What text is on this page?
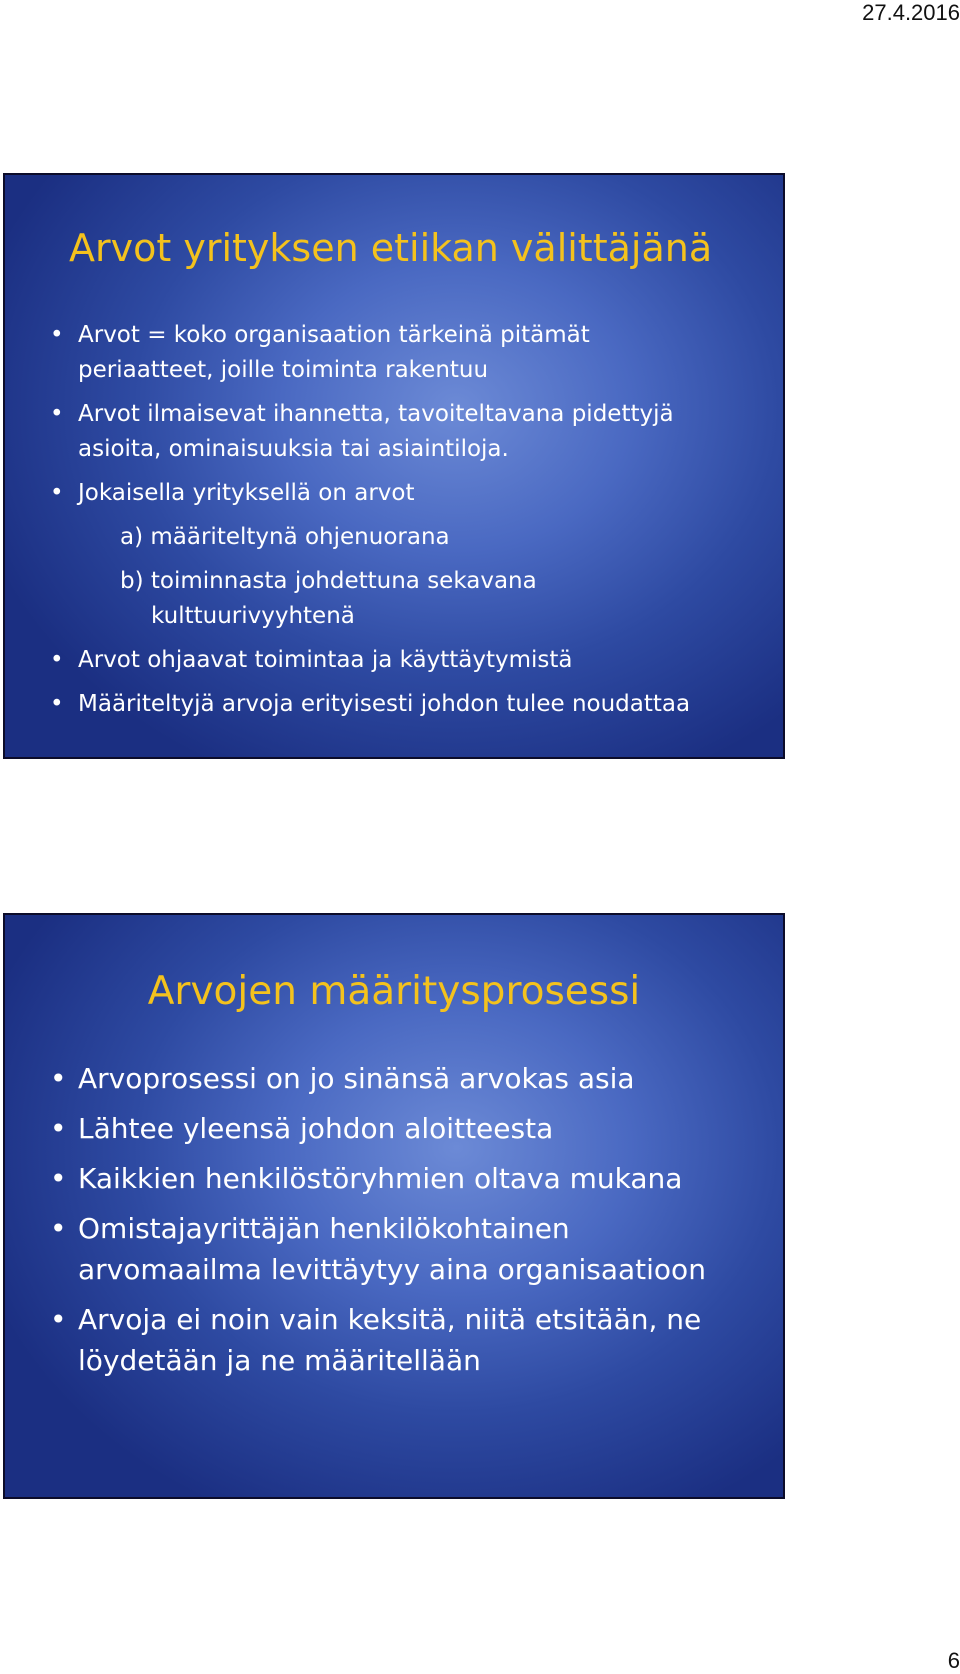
27.4.2016
Arvot yrityksen etiikan välittäjänä
• Arvot = koko organisaation tärkeinä pitämät
periaatteet, joille toiminta rakentuu
• Arvot ilmaisevat ihannetta, tavoiteltavana pidettyjä
asioita, ominaisuuksia tai asiaintiloja.
• Jokaisella yrityksellä on arvot
a) määriteltynä ohjenuorana
b) toiminnasta johdettuna sekavana
kulttuurivyyhtenä
• Arvot ohjaavat toimintaa ja käyttäytymistä
• Määriteltyjä arvoja erityisesti johdon tulee noudattaa
Arvojen määritysprosessi
• Arvoprosessi on jo sinänsä arvokas asia
• Lähtee yleensä johdon aloitteesta
• Kaikkien henkilöstöryhmien oltava mukana
• Omistajayrittäjän henkilökohtainen
arvomaailma levittäytyy aina organisaatioon
• Arvoja ei noin vain keksitä, niitä etsitään, ne
löydetään ja ne määritellään
6
